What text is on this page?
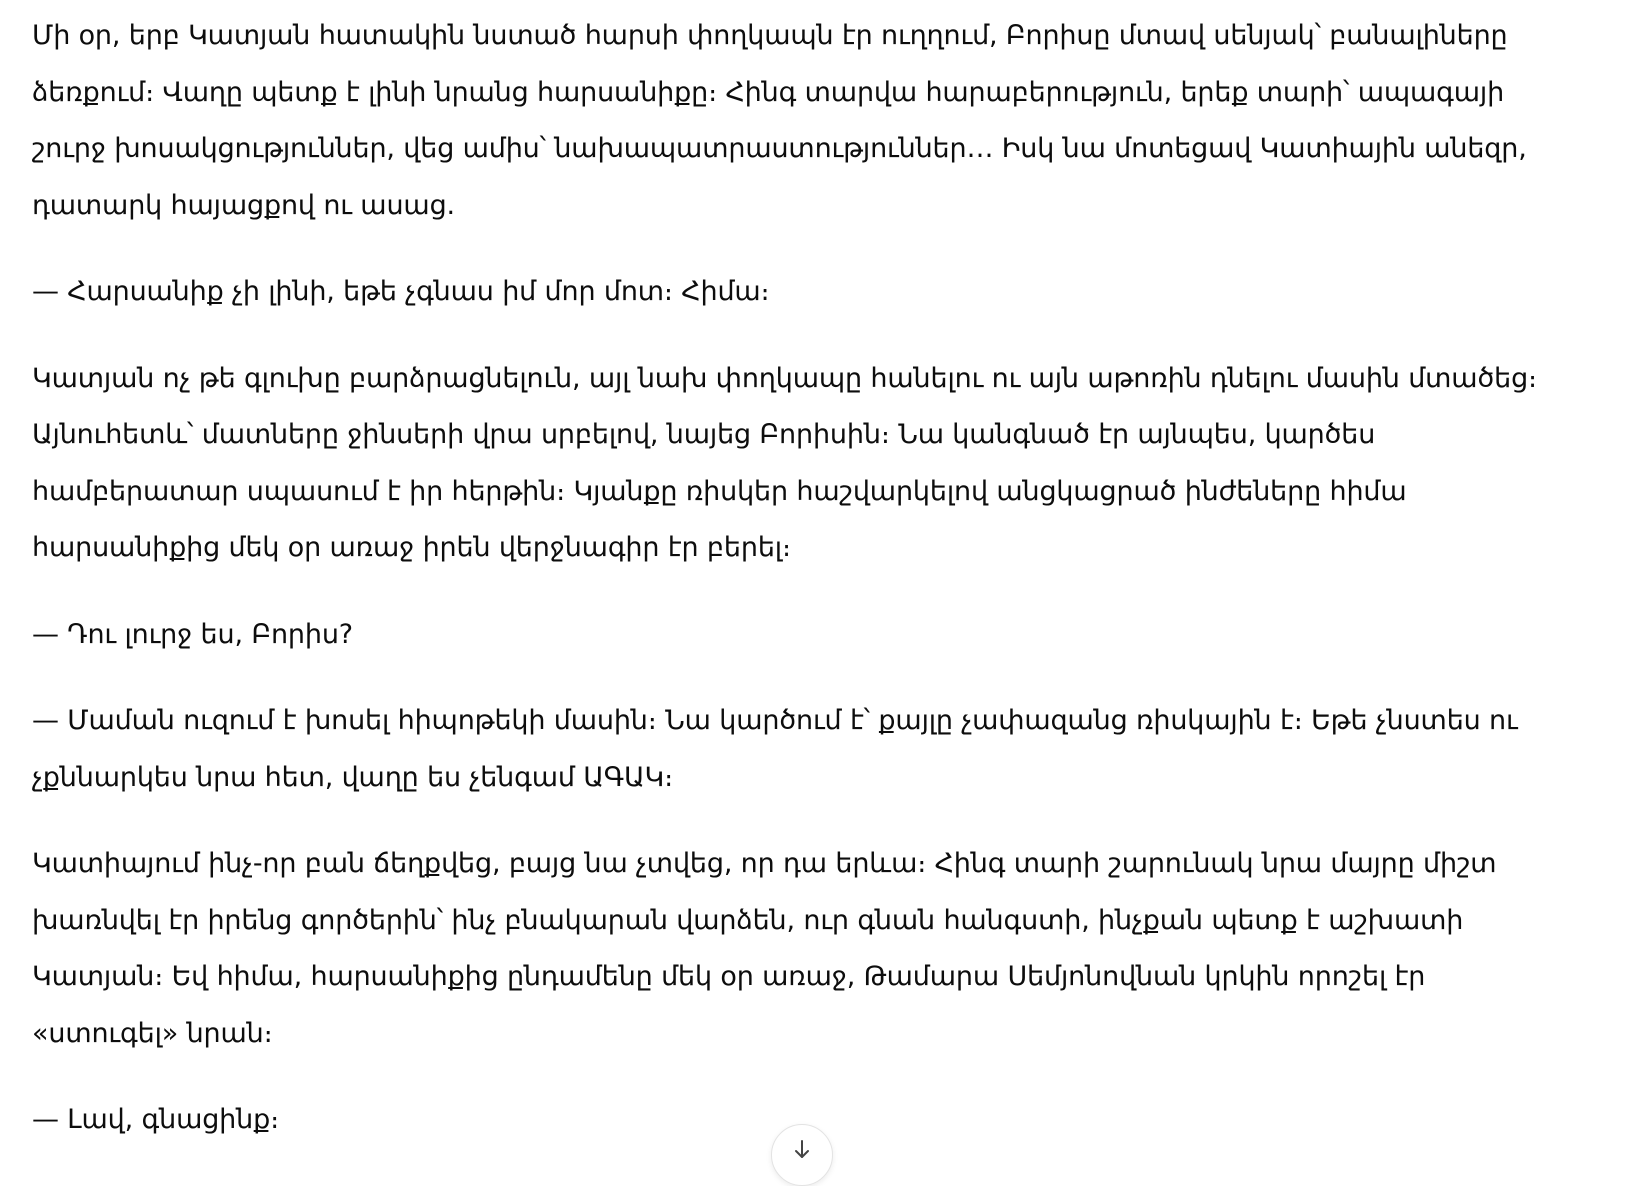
Մի օր, երբ Կատյան հատակին նստած հարսի փողկապն էր ուղղում, Բորիսը մտավ սենյակ՝ բանալիները ձեռքում։ Վաղը պետք է լինի նրանց հարսանիքը։ Հինգ տարվա հարաբերություն, երեք տարի՝ ապագայի շուրջ խոսակցություններ, վեց ամիս՝ նախապատրաստություններ… Իսկ նա մոտեցավ Կատիային անեզր, դատարկ հայացքով ու ասաց.

— Հարսանիք չի լինի, եթե չգնաս իմ մոր մոտ։ Հիմա։

Կատյան ոչ թե գլուխը բարձրացնելուն, այլ նախ փողկապը հանելու ու այն աթոռին դնելու մասին մտածեց։ Այնուհետև՝ մատները ջինսերի վրա սրբելով, նայեց Բորիսին։ Նա կանգնած էր այնպես, կարծես համբերատար սպասում է իր հերթին։ Կյանքը ռիսկեր հաշվարկելով անցկացրած ինժեները հիմա հարսանիքից մեկ օր առաջ իրեն վերջնագիր էր բերել։

— Դու լուրջ ես, Բորիս?

— Մաման ուզում է խոսել հիպոթեկի մասին։ Նա կարծում է՝ քայլը չափազանց ռիսկային է։ Եթե չնստես ու չքննարկես նրա հետ, վաղը ես չենգամ ԱԳԱԿ։

Կատիայում ինչ-որ բան ճեղքվեց, բայց նա չտվեց, որ դա երևա։ Հինգ տարի շարունակ նրա մայրը միշտ խառնվել էր իրենց գործերին՝ ինչ բնակարան վարձեն, ուր գնան հանգստի, ինչքան պետք է աշխատի Կատյան։ Եվ հիմա, հարսանիքից ընդամենը մեկ օր առաջ, Թամարա Սեմյոնովնան կրկին որոշել էր «ստուգել» նրան։

— Լավ, գնացինք։
